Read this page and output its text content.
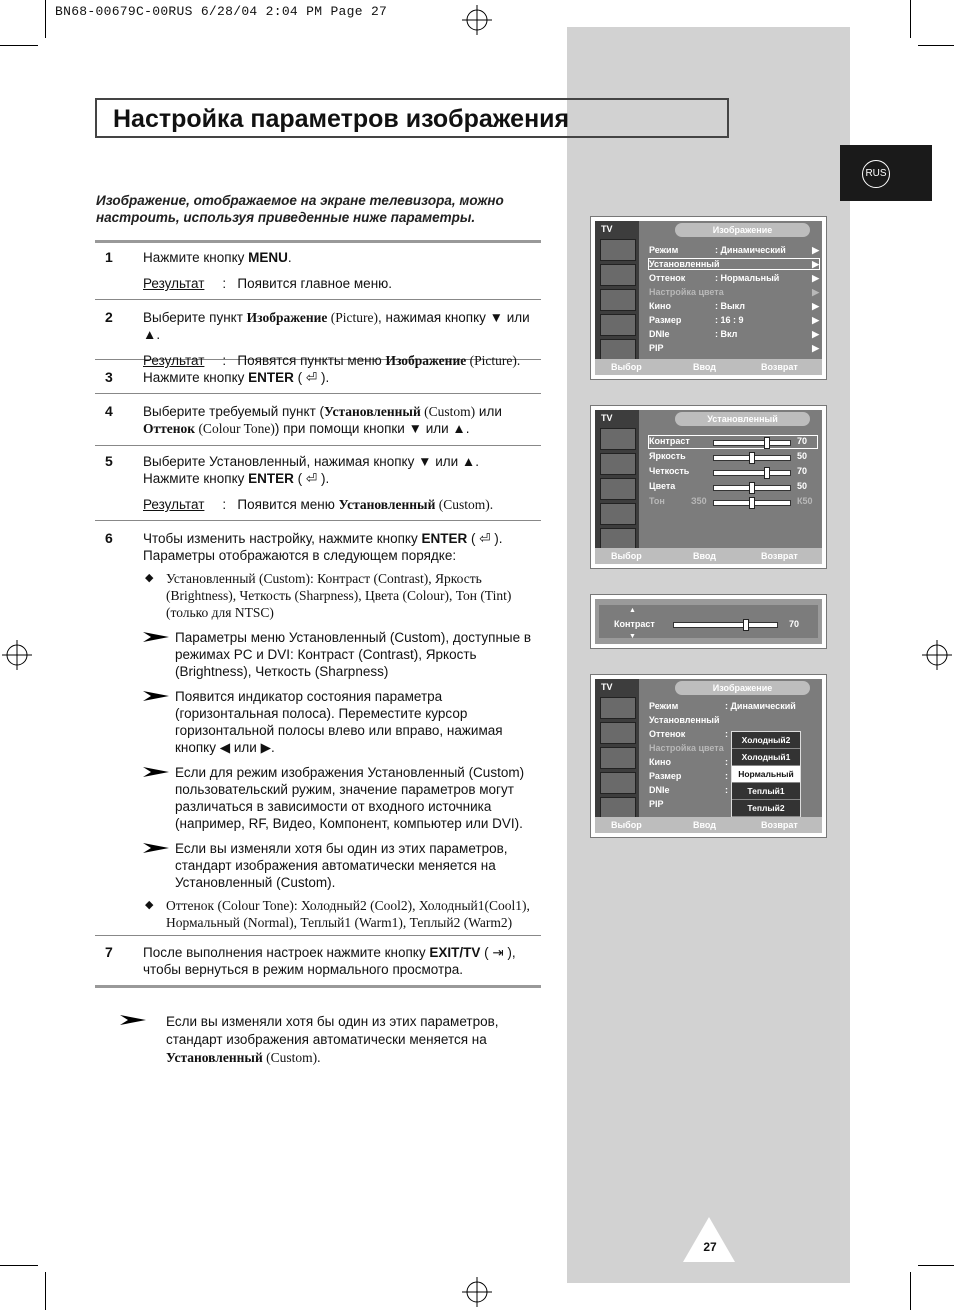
BN68-00679C-00RUS 6/28/04 2:04 PM Page 27
Настройка параметров изображения
RUS
Изображение, отображаемое на экране телевизора, можно настроить, используя приведенные ниже параметры.
1 Нажмите кнопку MENU.
Результат :   Появится главное меню.
2 Выберите пункт Изображение (Picture), нажимая кнопку ▼ или ▲.
Результат :   Появятся пункты меню Изображение (Picture).
3 Нажмите кнопку ENTER ( ⏎ ).
4 Выберите требуемый пункт (Установленный (Custom) или Оттенок (Colour Tone)) при помощи кнопки ▼ или ▲.
5 Выберите Установленный, нажимая кнопку ▼ или ▲.
Нажмите кнопку ENTER ( ⏎ ).
Результат :   Появится меню Установленный (Custom).
6 Чтобы изменить настройку, нажмите кнопку ENTER ( ⏎ ).
Параметры отображаются в следующем порядке:
◆ Установленный (Custom): Контраст (Contrast), Яркость (Brightness), Четкость (Sharpness), Цвета (Colour), Тон (Tint) (только для NTSC)
Параметры меню Установленный (Custom), доступные в режимах PC и DVI: Контраст (Contrast), Яркость (Brightness), Четкость (Sharpness)
Появится индикатор состояния параметра (горизонтальная полоса). Переместите курсор горизонтальной полосы влево или вправо, нажимая кнопку ◀ или ▶.
Если для режим изображения Установленный (Custom) пользовательский ружим, значение параметров могут различаться в зависимости от входного источника (например, RF, Видео, Компонент, компьютер или DVI).
Если вы изменяли хотя бы один из этих параметров, стандарт изображения автоматически меняется на Установленный (Custom).
◆ Оттенок (Colour Tone): Холодный2 (Cool2), Холодный1(Cool1), Нормальный (Normal), Теплый1 (Warm1), Теплый2 (Warm2)
7 После выполнения настроек нажмите кнопку EXIT/TV ( ⇥ ),
чтобы вернуться в режим нормального просмотра.
Если вы изменяли хотя бы один из этих параметров,
стандарт изображения автоматически меняется на
Установленный (Custom).
TV	Изображение
Режим	: Динамический	▶
Установленный	▶
Оттенок	: Нормальный	▶
Настройка цвета	▶
Кино	: Выкл	▶
Размер	: 16 : 9	▶
DNIe	: Вкл	▶
PIP	▶
Выбор	Ввод	Возврат
TV	Установленный
Контраст	70
Яркость	50
Четкость	70
Цвета	50
Тон	З50	К50
Выбор	Ввод	Возврат
▲
▼
Контраст	70
TV	Изображение
Режим	: Динамический
Установленный
Оттенок	:
Настройка цвета
Кино	:
Размер	:
DNIe	:
PIP
Холодный2
Холодный1
Нормальный
Теплый1
Теплый2
Выбор	Ввод	Возврат
27
